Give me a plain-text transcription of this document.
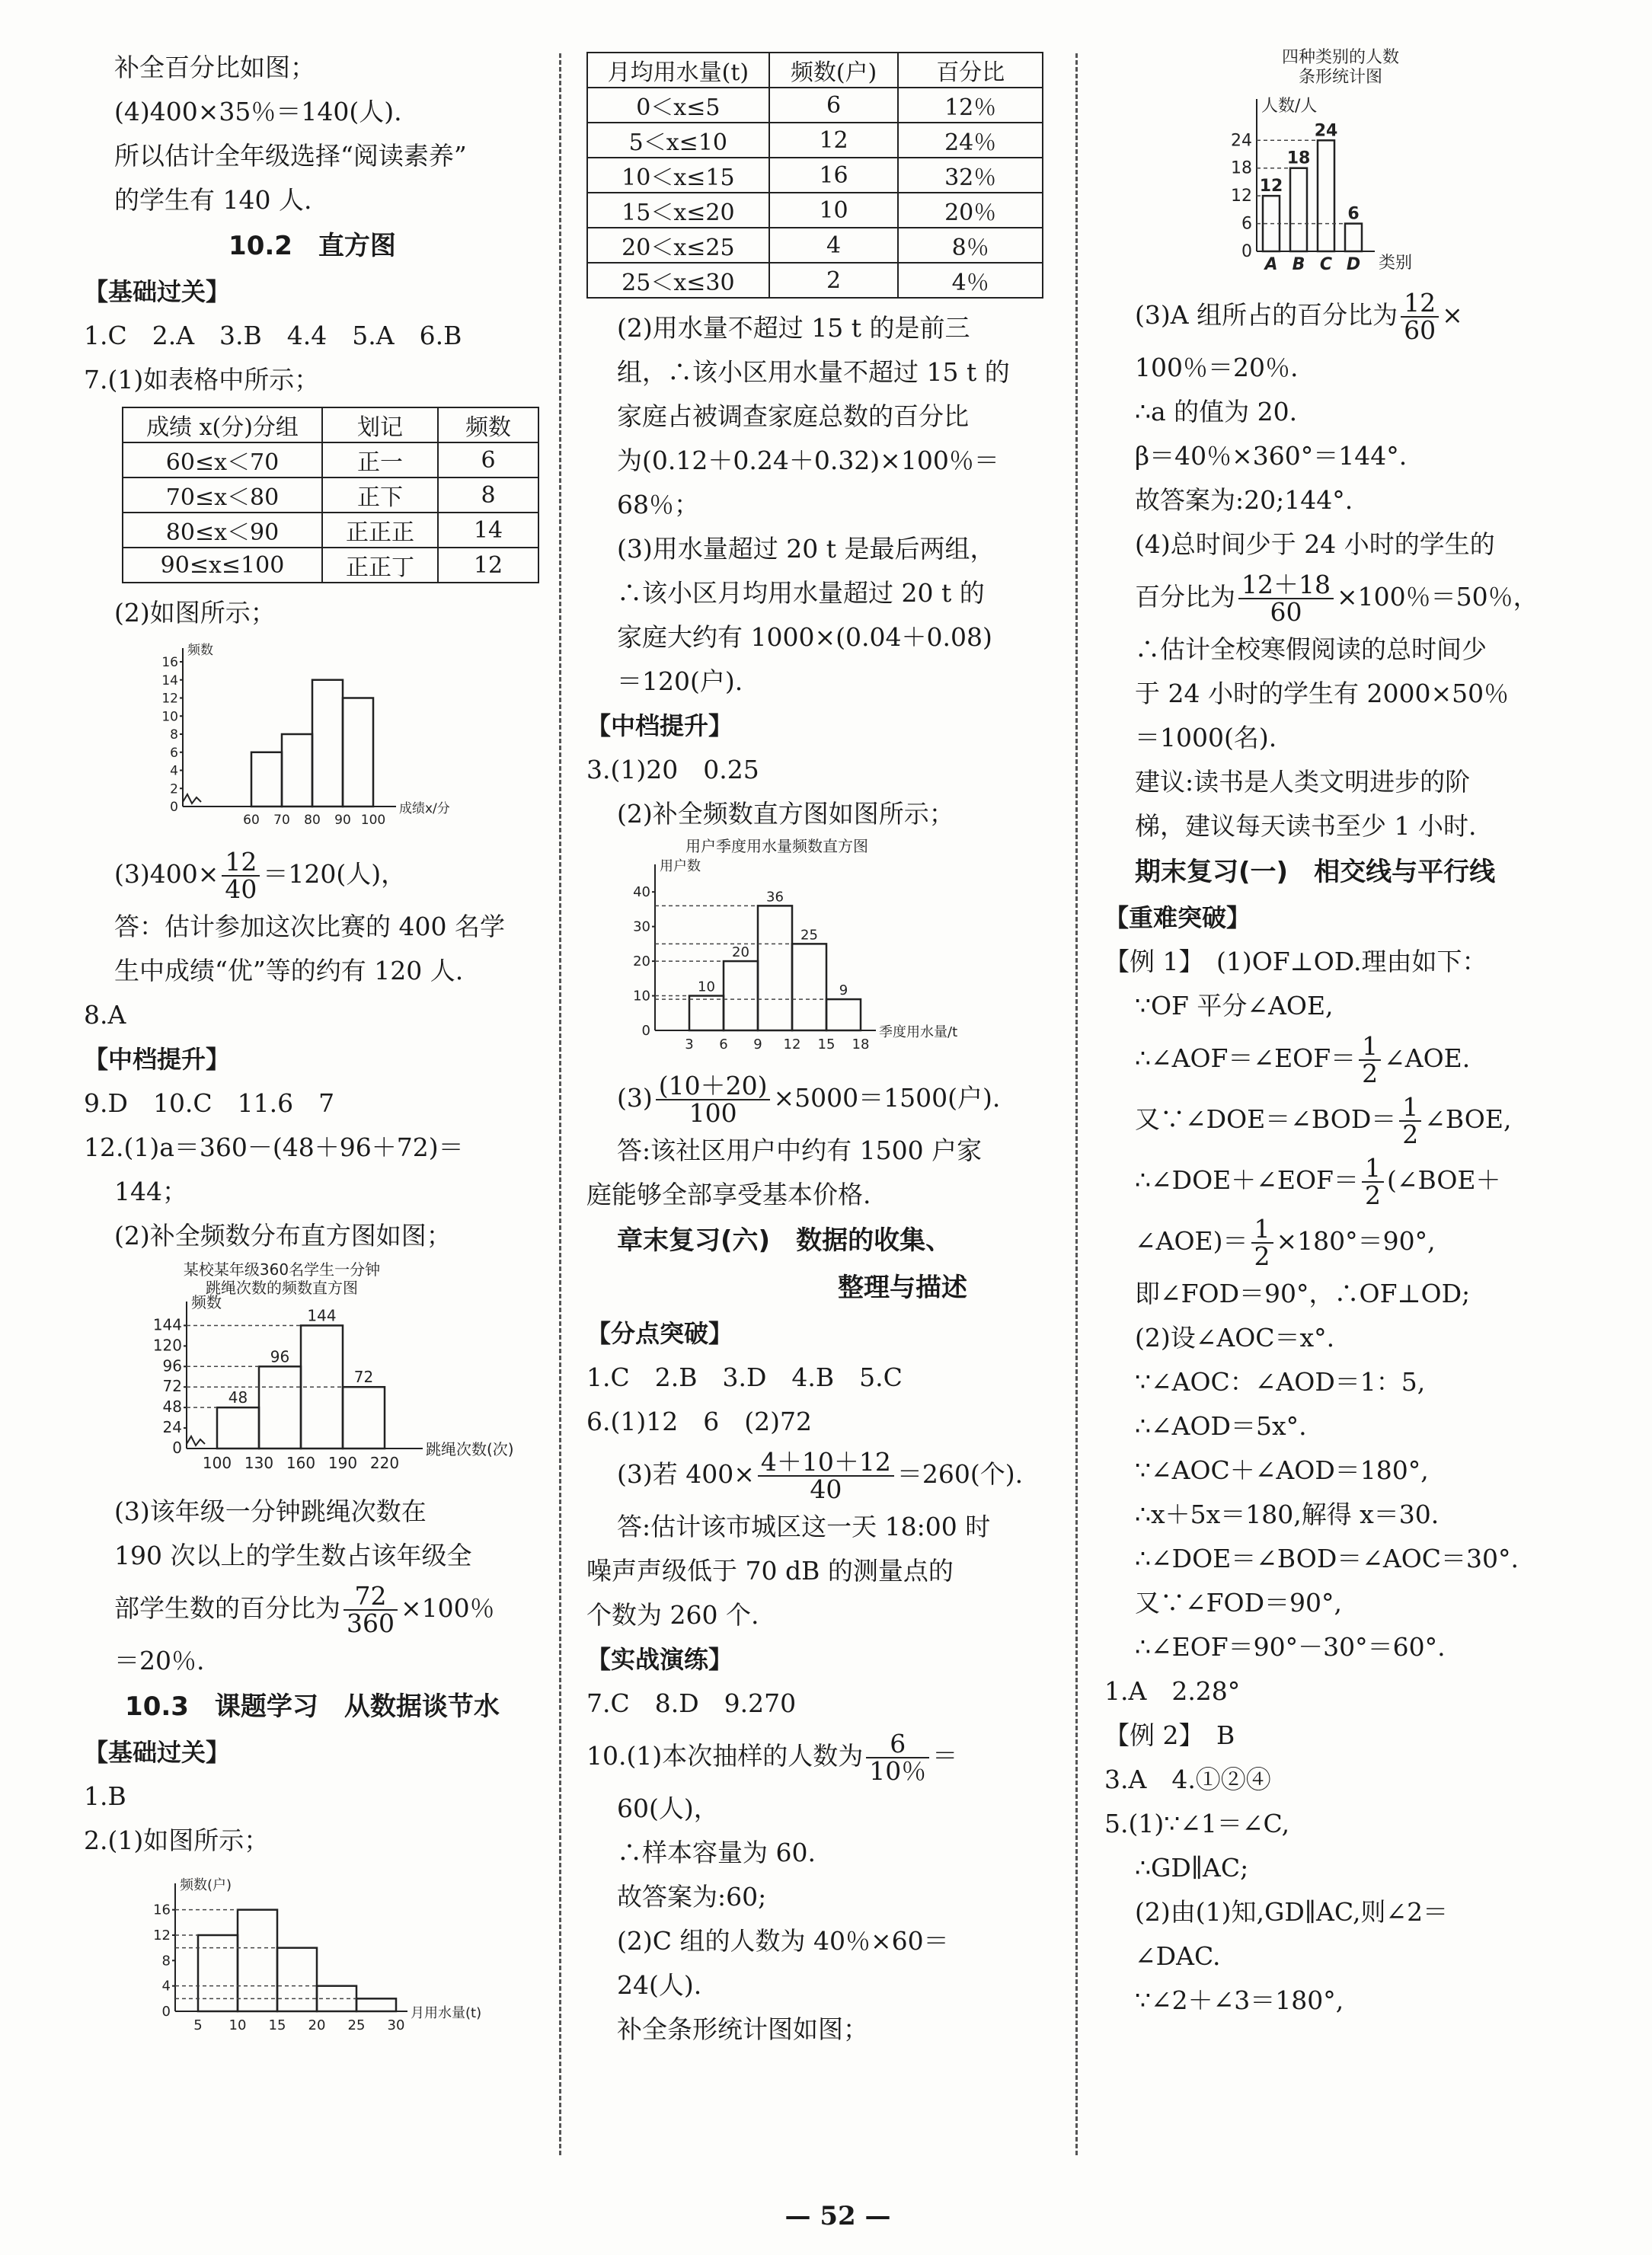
补全百分比如图；
(4)400×35％＝140(人).
所以估计全年级选择“阅读素养”
的学生有 140 人.
10.2　直方图
【基础过关】
1.C　2.A　3.B　4.4　5.A　6.B
7.(1)如表格中所示；
成绩 x(分)分组	划记	频数
60≤x＜70	正一	6
70≤x＜80	正下	8
80≤x＜90	正正正	14
90≤x≤100	正正丁	12
(2)如图所示；
成绩x/分
频数
0
2
4
6
8
10
12
14
16
60 70 80 90 100
$(3)400\times \frac{12}{40} =120$(人)，
答：估计参加这次比赛的 400 名学
生中成绩“优”等的约有 120 人.
8.A
【中档提升】
9.D　10.C　11.6　7
12.(1)a＝360－(48＋96＋72)＝
144；
(2)补全频数分布直方图如图；
跳绳次数(次)
频数
0
24
48
72
96
120
144
100 130 160 190 220
48
96
144
72
某校某年级360名学生一分钟
跳绳次数的频数直方图
(3)该年级一分钟跳绳次数在
190 次以上的学生数占该年级全
部学生数的百分比为 $\frac{72}{360} \times 100$％
＝20％.
10.3　课题学习　从数据谈节水
【基础过关】
1.B
2.(1)如图所示；
月用水量(t)
频数(户)
0
4
8
12
16
5 10 15 20 25 30
月均用水量(t)	频数(户)	百分比
0＜x≤5	6	12％
5＜x≤10	12	24％
10＜x≤15	16	32％
15＜x≤20	10	20％
20＜x≤25	4	8％
25＜x≤30	2	4％
(2)用水量不超过 15 t 的是前三
组，∴该小区用水量不超过 15 t 的
家庭占被调查家庭总数的百分比
为(0.12＋0.24＋0.32)×100％＝
68％；
(3)用水量超过 20 t 是最后两组，
∴该小区月均用水量超过 20 t 的
家庭大约有 1000×(0.04＋0.08)
＝120(户).
【中档提升】
3.(1)20　0.25
(2)补全频数直方图如图所示；
季度用水量/t
用户数
0
10
20
30
40
3 6 9 12 15 18
10
20
36
25
9
用户季度用水量频数直方图
$(3) \frac{(10+20)}{100} \times 5000=1500$(户).
答:该社区用户中约有 1500 户家
庭能够全部享受基本价格.
章末复习(六)　数据的收集、
整理与描述
【分点突破】
1.C　2.B　3.D　4.B　5.C
6.(1)12　6　(2)72
(3)若 $400\times \frac{4+10+12}{40} =260$(个).
答:估计该市城区这一天 18:00 时
噪声声级低于 70 dB 的测量点的
个数为 260 个.
【实战演练】
7.C　8.D　9.270
10.(1)本次抽样的人数为 $\frac{6}{10\%}$ ＝
60(人)，
∴样本容量为 60.
故答案为:60;
(2)C 组的人数为 40％×60＝
24(人).
补全条形统计图如图；
四种类别的人数
条形统计图
人数/人
类别
0
6
12
18
24
12
A
18
B
24
C
6
D
(3)A 组所占的百分比为 $\frac{12}{60}$ ×
100％＝20％.
∴a 的值为 20.
β＝40％×360°＝144°.
故答案为:20;144°.
(4)总时间少于 24 小时的学生的
百分比为 $\frac{12+18}{60} \times 100$％＝50％，
∴估计全校寒假阅读的总时间少
于 24 小时的学生有 2000×50％
＝1000(名).
建议:读书是人类文明进步的阶
梯，建议每天读书至少 1 小时.
期末复习(一)　相交线与平行线
【重难突破】
【例 1】　(1)OF⊥OD.理由如下：
∵OF 平分∠AOE,
∴∠AOF＝∠EOF＝ $\frac{1}{2}$ ∠AOE.
又∵∠DOE＝∠BOD＝ $\frac{1}{2}$ ∠BOE,
∴∠DOE＋∠EOF＝ $\frac{1}{2}$ (∠BOE＋
∠AOE)＝ $\frac{1}{2} \times 180^\circ=90^\circ$,
即∠FOD＝90°，∴OF⊥OD;
(2)设∠AOC＝x°.
∵∠AOC：∠AOD＝1：5,
∴∠AOD＝5x°.
∵∠AOC＋∠AOD＝180°,
∴x＋5x＝180,解得 x＝30.
∴∠DOE＝∠BOD＝∠AOC＝30°.
又∵∠FOD＝90°,
∴∠EOF＝90°－30°＝60°.
1.A　2.28°
【例 2】　B
3.A　4.①②④
5.(1)∵∠1＝∠C,
∴GD∥AC;
(2)由(1)知,GD∥AC,则∠2＝
∠DAC.
∵∠2＋∠3＝180°,
— 52 —
